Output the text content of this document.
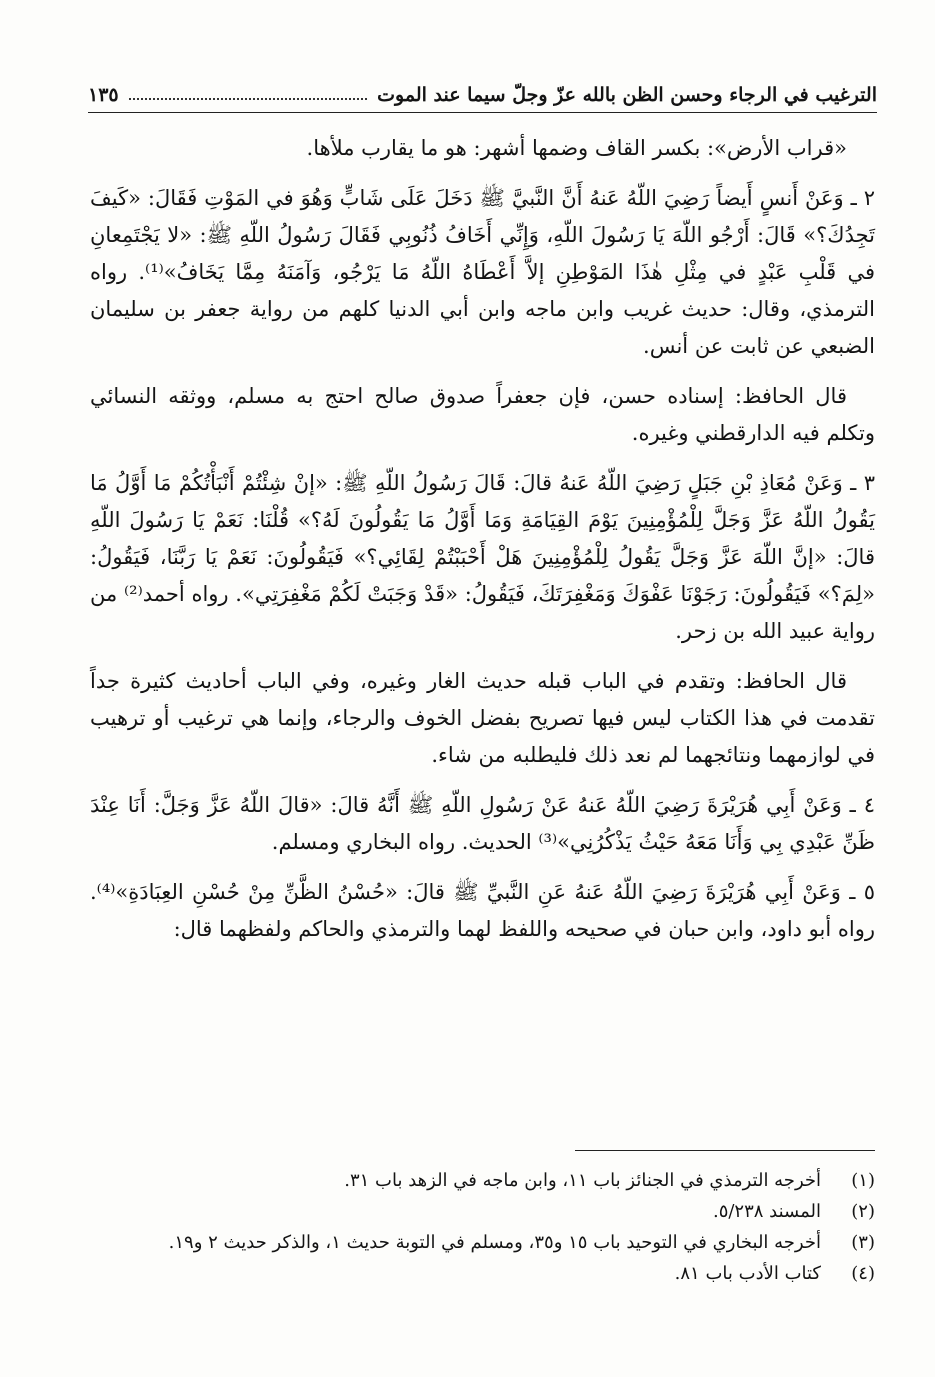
الترغيب في الرجاء وحسن الظن بالله عزّ وجلّ سيما عند الموت
١٣٥

«قراب الأرض»: بكسر القاف وضمها أشهر: هو ما يقارب ملأها.

٢ ـ وَعَنْ أَنسٍ أَيضاً رَضِيَ اللّهُ عَنهُ أَنَّ النَّبيَّ ﷺ دَخَلَ عَلَى شَابٍّ وَهُوَ في المَوْتِ فَقَالَ: «كَيفَ تَجِدُكَ؟» قَالَ: أَرْجُو اللّهَ يَا رَسُولَ اللّهِ، وَإِنِّي أَخَافُ ذُنُوبِي فَقَالَ رَسُولُ اللّهِ ﷺ: «لا يَجْتَمِعانِ في قَلْبِ عَبْدٍ في مِثْلِ هٰذَا المَوْطِنِ إلاَّ أَعْطَاهُ اللّهُ مَا يَرْجُو، وَآمَنَهُ مِمَّا يَخَافُ»⁽¹⁾. رواه الترمذي، وقال: حديث غريب وابن ماجه وابن أبي الدنيا كلهم من رواية جعفر بن سليمان الضبعي عن ثابت عن أنس.

قال الحافظ: إسناده حسن، فإن جعفراً صدوق صالح احتج به مسلم، ووثقه النسائي وتكلم فيه الدارقطني وغيره.

٣ ـ وَعَنْ مُعَاذِ بْنِ جَبَلٍ رَضِيَ اللّهُ عَنهُ قالَ: قَالَ رَسُولُ اللّهِ ﷺ: «إنْ شِئْتُمْ أَنْبَأْتُكُمْ مَا أَوَّلُ مَا يَقُولُ اللّهُ عَزَّ وَجَلَّ لِلْمُؤْمِنِينَ يَوْمَ القِيَامَةِ وَمَا أَوَّلُ مَا يَقُولُونَ لَهُ؟» قُلْنَا: نَعَمْ يَا رَسُولَ اللّهِ قالَ: «إنَّ اللّهَ عَزَّ وَجَلَّ يَقُولُ لِلْمُؤْمِنِينَ هَلْ أَحْبَبْتُمْ لِقَائِي؟» فَيَقُولُونَ: نَعَمْ يَا رَبَّنَا، فَيَقُولُ: «لِمَ؟» فَيَقُولُونَ: رَجَوْنَا عَفْوَكَ وَمَغْفِرَتَكَ، فَيَقُولُ: «قَدْ وَجَبَتْ لَكُمْ مَغْفِرَتِي». رواه أحمد⁽²⁾ من رواية عبيد الله بن زحر.

قال الحافظ: وتقدم في الباب قبله حديث الغار وغيره، وفي الباب أحاديث كثيرة جداً تقدمت في هذا الكتاب ليس فيها تصريح بفضل الخوف والرجاء، وإنما هي ترغيب أو ترهيب في لوازمهما ونتائجهما لم نعد ذلك فليطلبه من شاء.

٤ ـ وَعَنْ أَبِي هُرَيْرَةَ رَضِيَ اللّهُ عَنهُ عَنْ رَسُولِ اللّهِ ﷺ أَنَّهُ قالَ: «قالَ اللّهُ عَزَّ وَجَلَّ: أَنَا عِنْدَ ظَنِّ عَبْدِي بِي وَأَنَا مَعَهُ حَيْثُ يَذْكُرُنِي»⁽³⁾ الحديث. رواه البخاري ومسلم.

٥ ـ وَعَنْ أَبِي هُرَيْرَةَ رَضِيَ اللّهُ عَنهُ عَنِ النَّبيِّ ﷺ قالَ: «حُسْنُ الظَّنِّ مِنْ حُسْنِ العِبَادَةِ»⁽⁴⁾. رواه أبو داود، وابن حبان في صحيحه واللفظ لهما والترمذي والحاكم ولفظهما قال:

(١)
أخرجه الترمذي في الجنائز باب ١١، وابن ماجه في الزهد باب ٣١.
(٢)
المسند ٥/٢٣٨.
(٣)
أخرجه البخاري في التوحيد باب ١٥ و٣٥، ومسلم في التوبة حديث ١، والذكر حديث ٢ و١٩.
(٤)
كتاب الأدب باب ٨١.
